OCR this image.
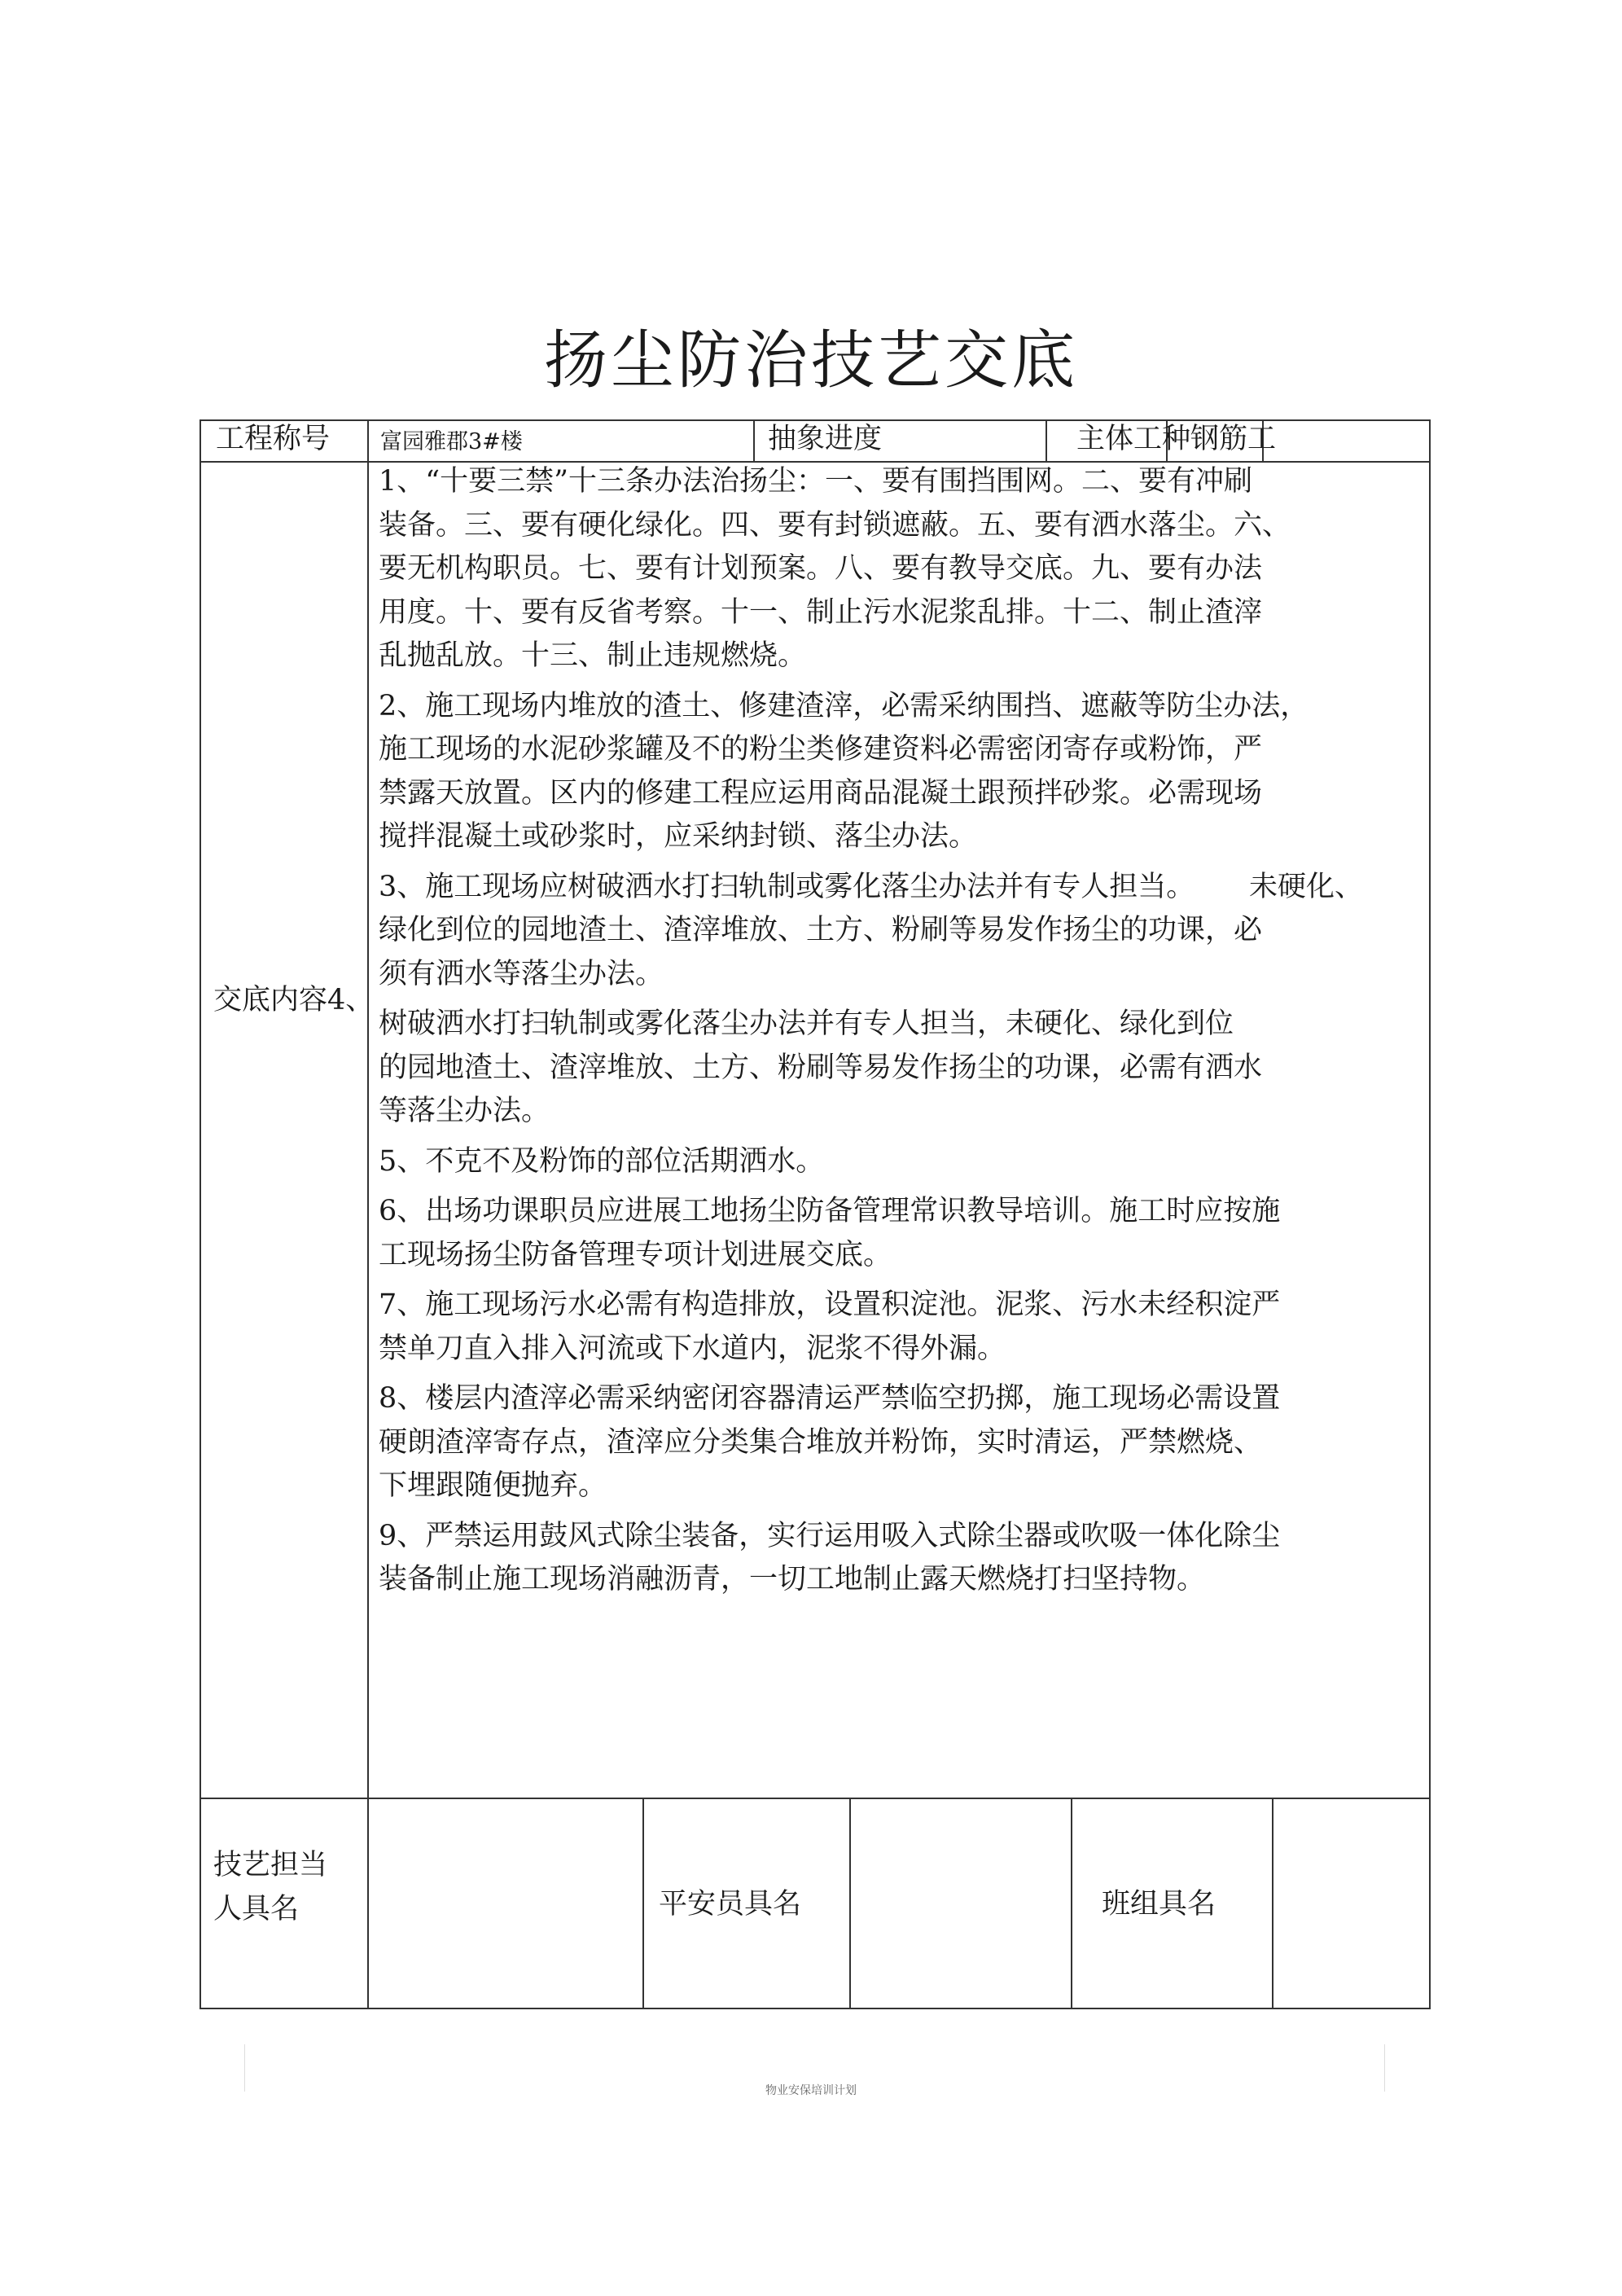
扬尘防治技艺交底
工程称号 富园雅郡3#楼	抽象进度	主体工种钢筋工
交底内容4、
1、“十要三禁”十三条办法治扬尘：一、要有围挡围网。二、要有冲刷
装备。三、要有硬化绿化。四、要有封锁遮蔽。五、要有洒水落尘。六、
要无机构职员。七、要有计划预案。八、要有教导交底。九、要有办法
用度。十、要有反省考察。十一、制止污水泥浆乱排。十二、制止渣滓
乱抛乱放。十三、制止违规燃烧。
2、施工现场内堆放的渣土、修建渣滓，必需采纳围挡、遮蔽等防尘办法，
施工现场的水泥砂浆罐及不的粉尘类修建资料必需密闭寄存或粉饰，严
禁露天放置。区内的修建工程应运用商品混凝土跟预拌砂浆。必需现场
搅拌混凝土或砂浆时，应采纳封锁、落尘办法。
3、施工现场应树破洒水打扫轨制或雾化落尘办法并有专人担当。      未硬化、
绿化到位的园地渣土、渣滓堆放、土方、粉刷等易发作扬尘的功课，必
须有洒水等落尘办法。
树破洒水打扫轨制或雾化落尘办法并有专人担当，未硬化、绿化到位
的园地渣土、渣滓堆放、土方、粉刷等易发作扬尘的功课，必需有洒水
等落尘办法。
5、不克不及粉饰的部位活期洒水。
6、出场功课职员应进展工地扬尘防备管理常识教导培训。施工时应按施
工现场扬尘防备管理专项计划进展交底。
7、施工现场污水必需有构造排放，设置积淀池。泥浆、污水未经积淀严
禁单刀直入排入河流或下水道内，泥浆不得外漏。
8、楼层内渣滓必需采纳密闭容器清运严禁临空扔掷，施工现场必需设置
硬朗渣滓寄存点，渣滓应分类集合堆放并粉饰，实时清运，严禁燃烧、
下埋跟随便抛弃。
9、严禁运用鼓风式除尘装备，实行运用吸入式除尘器或吹吸一体化除尘
装备制止施工现场消融沥青，一切工地制止露天燃烧打扫坚持物。
技艺担当
人具名	平安员具名	班组具名
物业安保培训计划
